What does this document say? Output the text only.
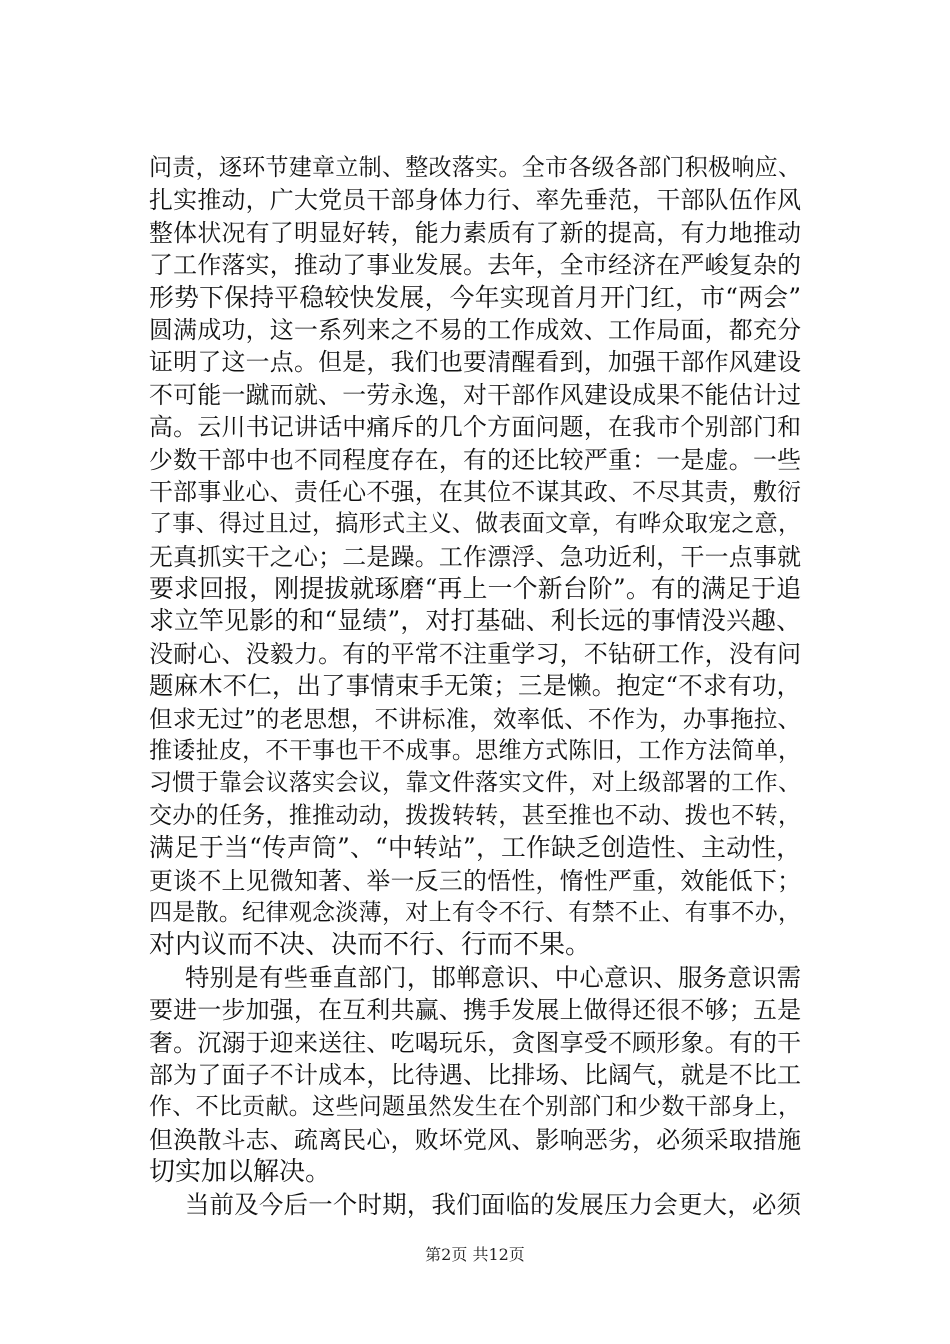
问责，逐环节建章立制、整改落实。全市各级各部门积极响应、
扎实推动，广大党员干部身体力行、率先垂范，干部队伍作风
整体状况有了明显好转，能力素质有了新的提高，有力地推动
了工作落实，推动了事业发展。去年，全市经济在严峻复杂的
形势下保持平稳较快发展，今年实现首月开门红，市“两会”
圆满成功，这一系列来之不易的工作成效、工作局面，都充分
证明了这一点。但是，我们也要清醒看到，加强干部作风建设
不可能一蹴而就、一劳永逸，对干部作风建设成果不能估计过
高。云川书记讲话中痛斥的几个方面问题，在我市个别部门和
少数干部中也不同程度存在，有的还比较严重：一是虚。一些
干部事业心、责任心不强，在其位不谋其政、不尽其责，敷衍
了事、得过且过，搞形式主义、做表面文章，有哗众取宠之意，
无真抓实干之心；二是躁。工作漂浮、急功近利，干一点事就
要求回报，刚提拔就琢磨“再上一个新台阶”。有的满足于追
求立竿见影的和“显绩”，对打基础、利长远的事情没兴趣、
没耐心、没毅力。有的平常不注重学习，不钻研工作，没有问
题麻木不仁，出了事情束手无策；三是懒。抱定“不求有功，
但求无过”的老思想，不讲标准，效率低、不作为，办事拖拉、
推诿扯皮，不干事也干不成事。思维方式陈旧，工作方法简单，
习惯于靠会议落实会议，靠文件落实文件，对上级部署的工作、
交办的任务，推推动动，拨拨转转，甚至推也不动、拨也不转，
满足于当“传声筒”、“中转站”，工作缺乏创造性、主动性，
更谈不上见微知著、举一反三的悟性，惰性严重，效能低下；
四是散。纪律观念淡薄，对上有令不行、有禁不止、有事不办，
对内议而不决、决而不行、行而不果。
特别是有些垂直部门，邯郸意识、中心意识、服务意识需
要进一步加强，在互利共赢、携手发展上做得还很不够；五是
奢。沉溺于迎来送往、吃喝玩乐，贪图享受不顾形象。有的干
部为了面子不计成本，比待遇、比排场、比阔气，就是不比工
作、不比贡献。这些问题虽然发生在个别部门和少数干部身上，
但涣散斗志、疏离民心，败坏党风、影响恶劣，必须采取措施
切实加以解决。
当前及今后一个时期，我们面临的发展压力会更大，必须
第2页 共12页
